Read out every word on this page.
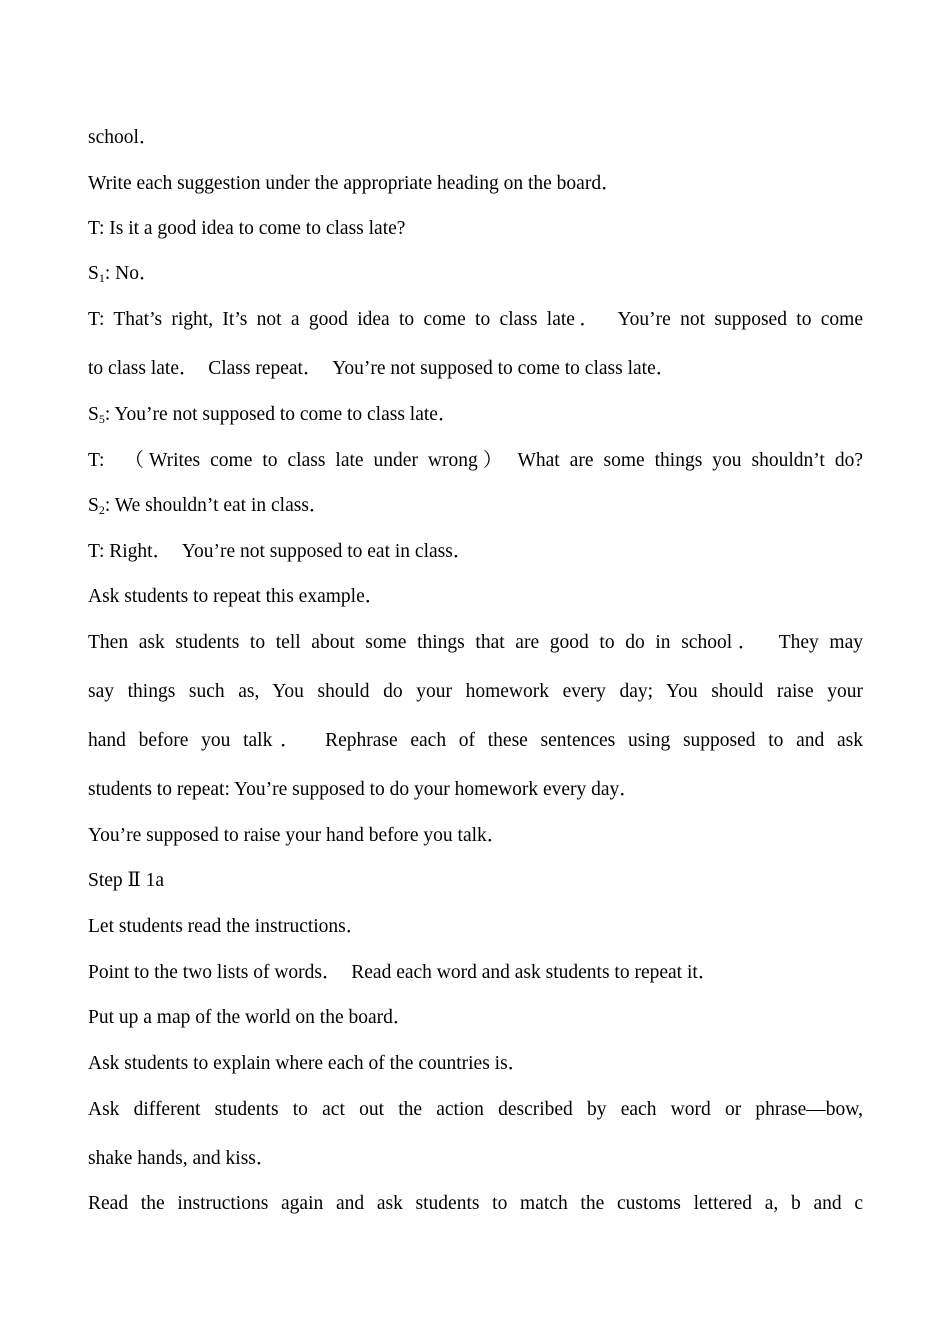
school．
Write each suggestion under the appropriate heading on the board．
T: Is it a good idea to come to class late?
$S_1$: No．
T: That’s right, It’s not a good idea to come to class late．　You’re not supposed to come
to class late．　Class repeat．　You’re not supposed to come to class late．
$S_5$: You’re not supposed to come to class late．
T:　（Writes come to class late under wrong） What are some things you shouldn’t do?
$S_2$: We shouldn’t eat in class．
T: Right．　You’re not supposed to eat in class．
Ask students to repeat this example．
Then ask students to tell about some things that are good to do in school．　They may
say things such as, You should do your homework every day; You should raise your
hand before you talk．　Rephrase each of these sentences using supposed to and ask
students to repeat: You’re supposed to do your homework every day．
You’re supposed to raise your hand before you talk．
Step Ⅱ 1a
Let students read the instructions．
Point to the two lists of words．　Read each word and ask students to repeat it．
Put up a map of the world on the board．
Ask students to explain where each of the countries is．
Ask different students to act out the action described by each word or phrase—bow,
shake hands, and kiss．
Read the instructions again and ask students to match the customs lettered a, b and c
